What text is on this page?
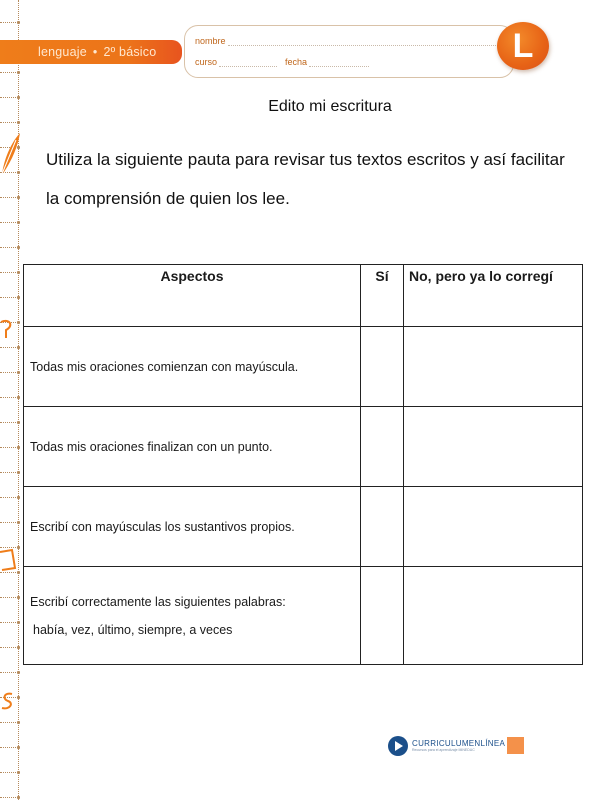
lenguaje • 2º básico
nombre
curso	fecha	L
Edito mi escritura
Utiliza la siguiente pauta para revisar tus textos escritos y así facilitar la comprensión de quien los lee.
Aspectos	Sí	No, pero ya lo corregí
Todas mis oraciones comienzan con mayúscula.		
Todas mis oraciones finalizan con un punto.		
Escribí con mayúsculas los sustantivos propios.		
Escribí correctamente las siguientes palabras:
había, vez, último, siempre, a veces		

CURRICULUMENLÍNEA
Recursos para el aprendizaje MINEDUC
